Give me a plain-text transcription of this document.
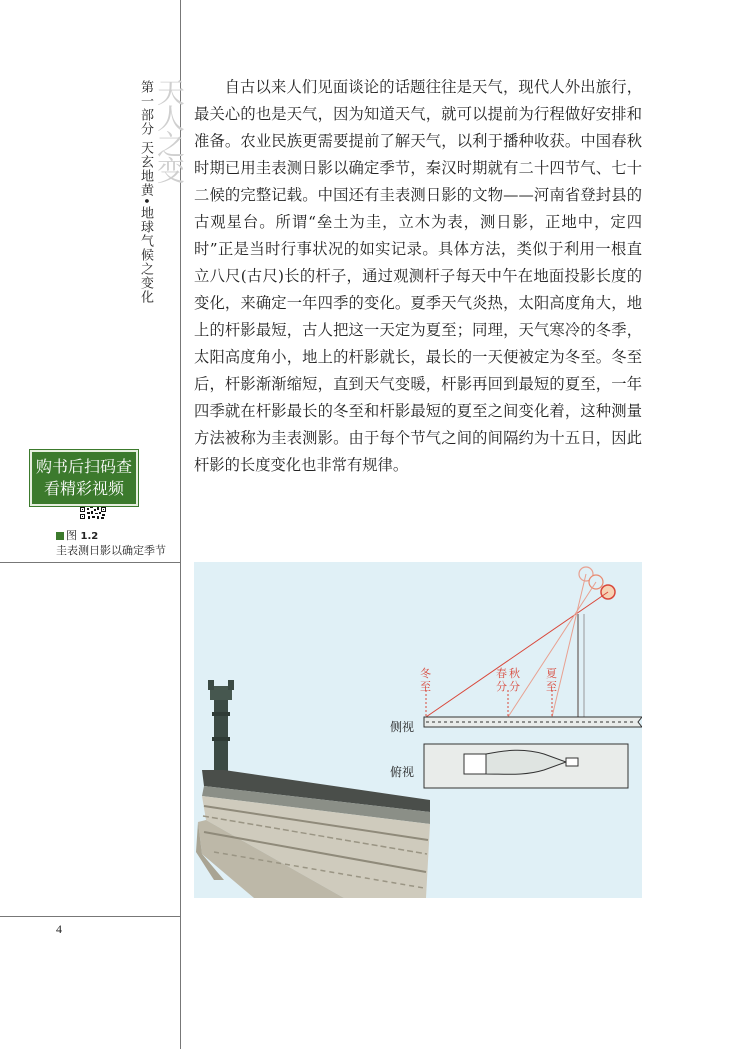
天人之变
第一部分 天玄地黄•地球气候之变化
购书后扫码查
看精彩视频
图 1.2
圭表测日影以确定季节

自古以来人们见面谈论的话题往往是天气，现代人外出旅行，最关心的也是天气，因为知道天气，就可以提前为行程做好安排和准备。农业民族更需要提前了解天气，以利于播种收获。中国春秋时期已用圭表测日影以确定季节，秦汉时期就有二十四节气、七十二候的完整记载。中国还有圭表测日影的文物——河南省登封县的古观星台。所谓“垒土为圭，立木为表，测日影，正地中，定四时”正是当时行事状况的如实记录。具体方法，类似于利用一根直立八尺(古尺)长的杆子，通过观测杆子每天中午在地面投影长度的变化，来确定一年四季的变化。夏季天气炎热，太阳高度角大，地上的杆影最短，古人把这一天定为夏至；同理，天气寒冷的冬季，太阳高度角小，地上的杆影就长，最长的一天便被定为冬至。冬至后，杆影渐渐缩短，直到天气变暖，杆影再回到最短的夏至，一年四季就在杆影最长的冬至和杆影最短的夏至之间变化着，这种测量方法被称为圭表测影。由于每个节气之间的间隔约为十五日，因此杆影的长度变化也非常有规律。

冬
至
春
分
秋
分
夏
至
侧视
俯视
4
